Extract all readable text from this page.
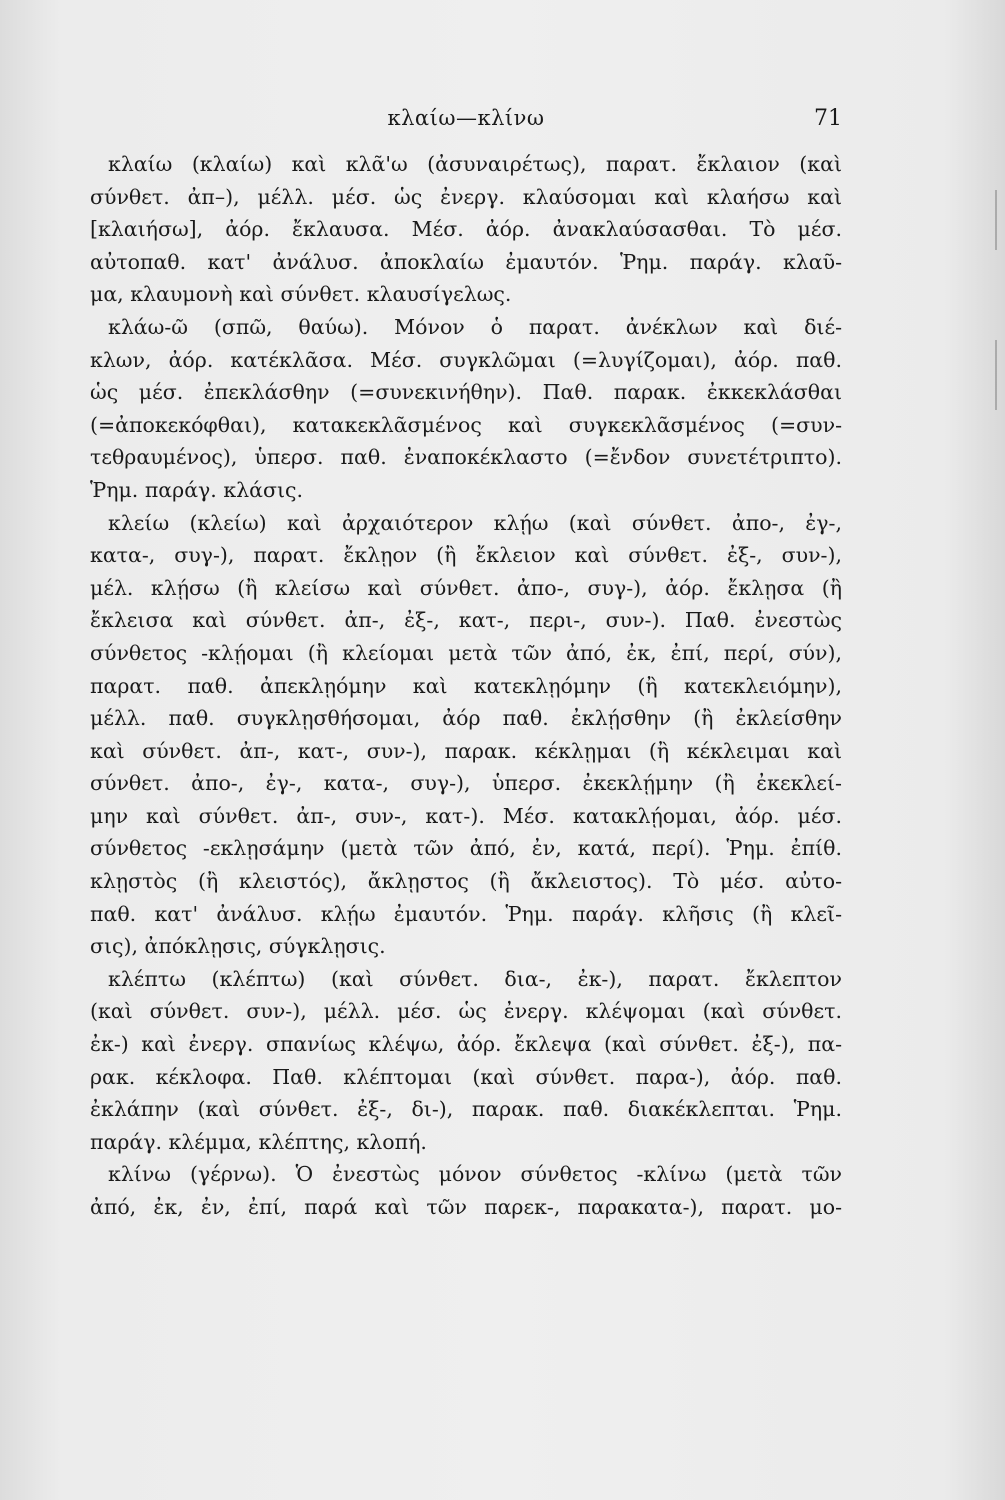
κλαίω—κλίνω	71
κλαίω (κλαίω) καὶ κλᾶ'ω (ἀσυναιρέτως), παρατ. ἔκλαιον (καὶ
σύνθετ. ἀπ–), μέλλ. μέσ. ὡς ἐνεργ. κλαύσομαι καὶ κλαήσω καὶ
[κλαιήσω], ἀόρ. ἔκλαυσα. Μέσ. ἀόρ. ἀνακλαύσασθαι. Τὸ μέσ.
αὐτοπαθ. κατ' ἀνάλυσ. ἀποκλαίω ἐμαυτόν. Ῥημ. παράγ. κλαῦ-
μα, κλαυμονὴ καὶ σύνθετ. κλαυσίγελως.
κλάω-ῶ (σπῶ, θαύω). Μόνον ὁ παρατ. ἀνέκλων καὶ διέ-
κλων, ἀόρ. κατέκλᾶσα. Μέσ. συγκλῶμαι (=λυγίζομαι), ἀόρ. παθ.
ὡς μέσ. ἐπεκλάσθην (=συνεκινήθην). Παθ. παρακ. ἐκκεκλάσθαι
(=ἀποκεκόφθαι), κατακεκλᾶσμένος καὶ συγκεκλᾶσμένος (=συν-
τεθραυμένος), ὑπερσ. παθ. ἐναποκέκλαστο (=ἔνδον συνετέτριπτο).
Ῥημ. παράγ. κλάσις.
κλείω (κλείω) καὶ ἀρχαιότερον κλῄω (καὶ σύνθετ. ἀπο-, ἐγ-,
κατα-, συγ-), παρατ. ἔκλῃον (ἢ ἔκλειον καὶ σύνθετ. ἐξ-, συν-),
μέλ. κλῄσω (ἢ κλείσω καὶ σύνθετ. ἀπο-, συγ-), ἀόρ. ἔκλῃσα (ἢ
ἔκλεισα καὶ σύνθετ. ἀπ-, ἐξ-, κατ-, περι-, συν-). Παθ. ἐνεστὼς
σύνθετος -κλῄομαι (ἢ κλείομαι μετὰ τῶν ἀπό, ἐκ, ἐπί, περί, σύν),
παρατ. παθ. ἀπεκλῃόμην καὶ κατεκλῃόμην (ἢ κατεκλειόμην),
μέλλ. παθ. συγκλῃσθήσομαι, ἀόρ παθ. ἐκλῄσθην (ἢ ἐκλείσθην
καὶ σύνθετ. ἀπ-, κατ-, συν-), παρακ. κέκλῃμαι (ἢ κέκλειμαι καὶ
σύνθετ. ἀπο-, ἐγ-, κατα-, συγ-), ὑπερσ. ἐκεκλῄμην (ἢ ἐκεκλεί-
μην καὶ σύνθετ. ἀπ-, συν-, κατ-). Μέσ. κατακλῄομαι, ἀόρ. μέσ.
σύνθετος -εκλῃσάμην (μετὰ τῶν ἀπό, ἐν, κατά, περί). Ῥημ. ἐπίθ.
κλῃστὸς (ἢ κλειστός), ἄκλῃστος (ἢ ἄκλειστος). Τὸ μέσ. αὐτο-
παθ. κατ' ἀνάλυσ. κλῄω ἐμαυτόν. Ῥημ. παράγ. κλῆσις (ἢ κλεῖ-
σις), ἀπόκλῃσις, σύγκλῃσις.
κλέπτω (κλέπτω) (καὶ σύνθετ. δια-, ἐκ-), παρατ. ἔκλεπτον
(καὶ σύνθετ. συν-), μέλλ. μέσ. ὡς ἐνεργ. κλέψομαι (καὶ σύνθετ.
ἐκ-) καὶ ἐνεργ. σπανίως κλέψω, ἀόρ. ἔκλεψα (καὶ σύνθετ. ἐξ-), πα-
ρακ. κέκλοφα. Παθ. κλέπτομαι (καὶ σύνθετ. παρα-), ἀόρ. παθ.
ἐκλάπην (καὶ σύνθετ. ἐξ-, δι-), παρακ. παθ. διακέκλεπται. Ῥημ.
παράγ. κλέμμα, κλέπτης, κλοπή.
κλίνω (γέρνω). Ὁ ἐνεστὼς μόνον σύνθετος -κλίνω (μετὰ τῶν
ἀπό, ἐκ, ἐν, ἐπί, παρά καὶ τῶν παρεκ-, παρακατα-), παρατ. μο-
